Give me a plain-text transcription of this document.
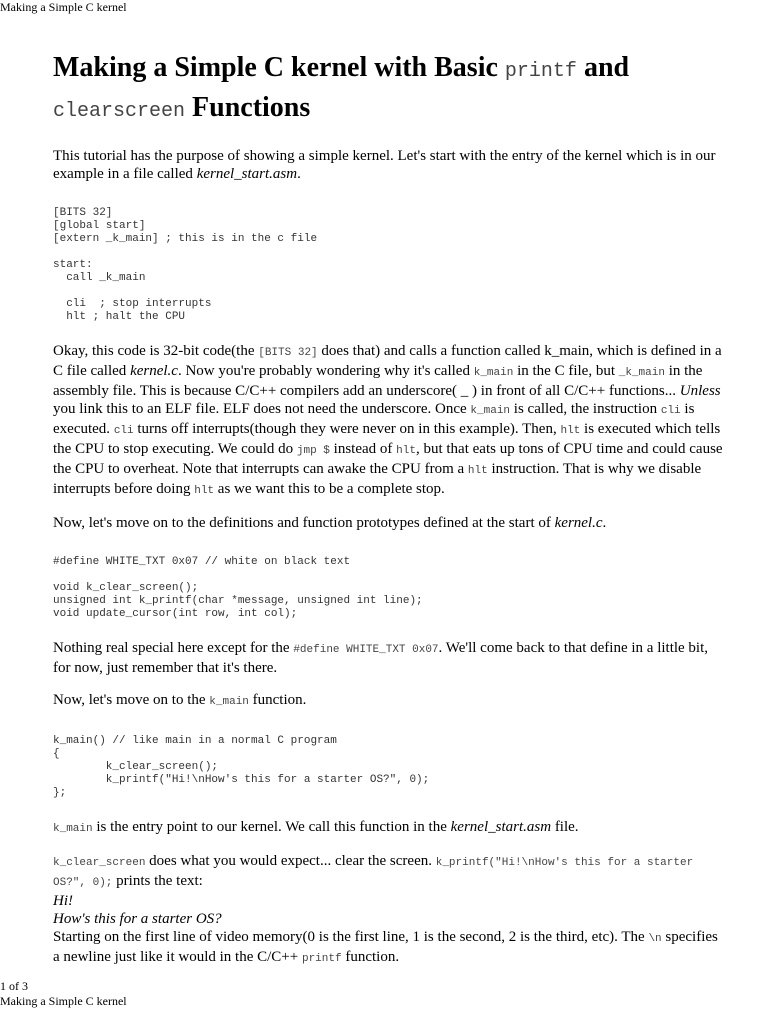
Making a Simple C kernel
Making a Simple C kernel with Basic printf and
clearscreen Functions

This tutorial has the purpose of showing a simple kernel. Let's start with the entry of the kernel which is in our example in a file called kernel_start.asm.

[BITS 32]
[global start]
[extern _k_main] ; this is in the c file

start:
call _k_main

cli  ; stop interrupts
hlt ; halt the CPU

Okay, this code is 32-bit code(the [BITS 32] does that) and calls a function called k_main, which is defined in a C file called kernel.c. Now you're probably wondering why it's called k_main in the C file, but _k_main in the assembly file. This is because C/C++ compilers add an underscore( _ ) in front of all C/C++ functions... Unless you link this to an ELF file. ELF does not need the underscore. Once k_main is called, the instruction cli is executed. cli turns off interrupts(though they were never on in this example). Then, hlt is executed which tells the CPU to stop executing. We could do jmp $ instead of hlt, but that eats up tons of CPU time and could cause the CPU to overheat. Note that interrupts can awake the CPU from a hlt instruction. That is why we disable interrupts before doing hlt as we want this to be a complete stop.

Now, let's move on to the definitions and function prototypes defined at the start of kernel.c.

#define WHITE_TXT 0x07 // white on black text

void k_clear_screen();
unsigned int k_printf(char *message, unsigned int line);
void update_cursor(int row, int col);

Nothing real special here except for the #define WHITE_TXT 0x07. We'll come back to that define in a little bit, for now, just remember that it's there.

Now, let's move on to the k_main function.

k_main() // like main in a normal C program
{
k_clear_screen();
k_printf("Hi!\nHow's this for a starter OS?", 0);
};

k_main is the entry point to our kernel. We call this function in the kernel_start.asm file.

k_clear_screen does what you would expect... clear the screen. k_printf("Hi!\nHow's this for a starter OS?", 0); prints the text:
Hi!
How's this for a starter OS?
Starting on the first line of video memory(0 is the first line, 1 is the second, 2 is the third, etc). The \n specifies a newline just like it would in the C/C++ printf function.

1 of 3
Making a Simple C kernel
